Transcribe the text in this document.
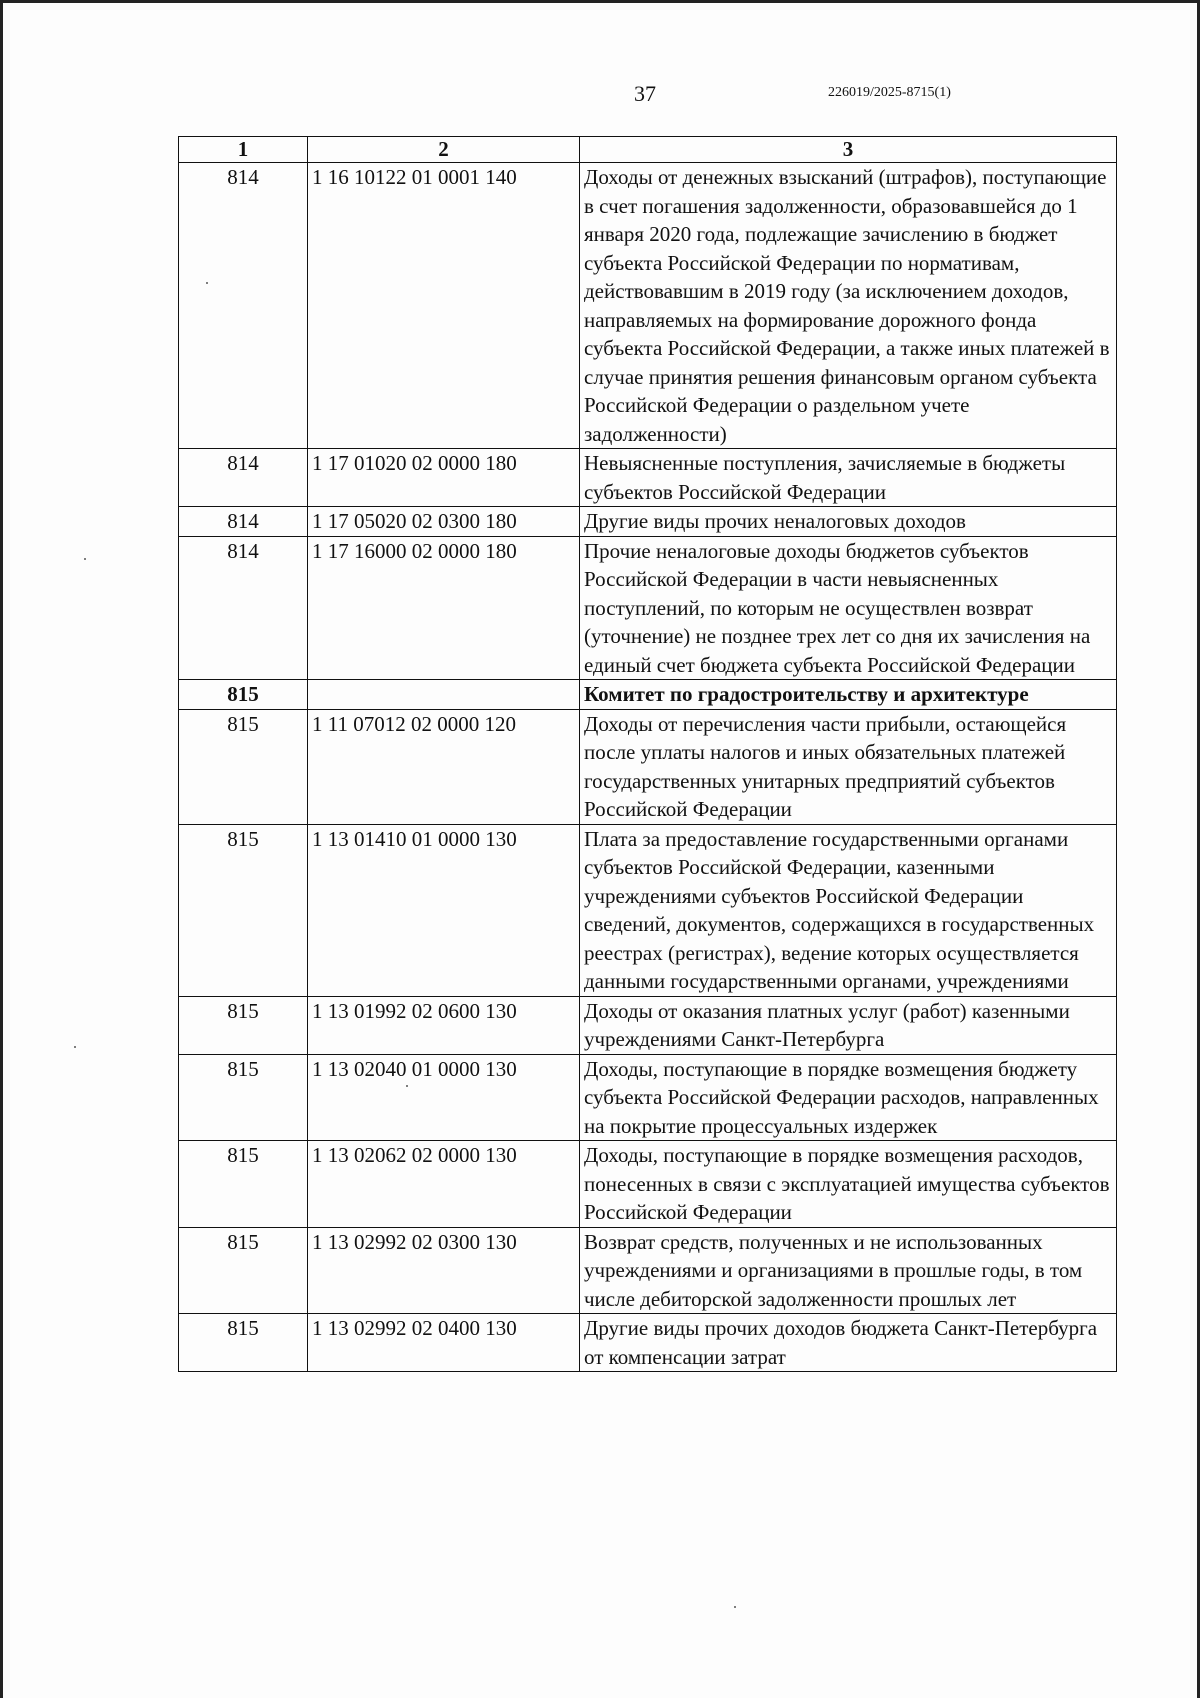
37	226019/2025-8715(1)
1	2	3
814	1 16 10122 01 0001 140	Доходы от денежных взысканий (штрафов), поступающие в счет погашения задолженности, образовавшейся до 1 января 2020 года, подлежащие зачислению в бюджет субъекта Российской Федерации по нормативам, действовавшим в 2019 году (за исключением доходов, направляемых на формирование дорожного фонда субъекта Российской Федерации, а также иных платежей в случае принятия решения финансовым органом субъекта Российской Федерации о раздельном учете задолженности)
814	1 17 01020 02 0000 180	Невыясненные поступления, зачисляемые в бюджеты субъектов Российской Федерации
814	1 17 05020 02 0300 180	Другие виды прочих неналоговых доходов
814	1 17 16000 02 0000 180	Прочие неналоговые доходы бюджетов субъектов Российской Федерации в части невыясненных поступлений, по которым не осуществлен возврат (уточнение) не позднее трех лет со дня их зачисления на единый счет бюджета субъекта Российской Федерации
815		Комитет по градостроительству и архитектуре
815	1 11 07012 02 0000 120	Доходы от перечисления части прибыли, остающейся после уплаты налогов и иных обязательных платежей государственных унитарных предприятий субъектов Российской Федерации
815	1 13 01410 01 0000 130	Плата за предоставление государственными органами субъектов Российской Федерации, казенными учреждениями субъектов Российской Федерации сведений, документов, содержащихся в государственных реестрах (регистрах), ведение которых осуществляется данными государственными органами, учреждениями
815	1 13 01992 02 0600 130	Доходы от оказания платных услуг (работ) казенными учреждениями Санкт-Петербурга
815	1 13 02040 01 0000 130	Доходы, поступающие в порядке возмещения бюджету субъекта Российской Федерации расходов, направленных на покрытие процессуальных издержек
815	1 13 02062 02 0000 130	Доходы, поступающие в порядке возмещения расходов, понесенных в связи с эксплуатацией имущества субъектов Российской Федерации
815	1 13 02992 02 0300 130	Возврат средств, полученных и не использованных учреждениями и организациями в прошлые годы, в том числе дебиторской задолженности прошлых лет
815	1 13 02992 02 0400 130	Другие виды прочих доходов бюджета Санкт-Петербурга от компенсации затрат
